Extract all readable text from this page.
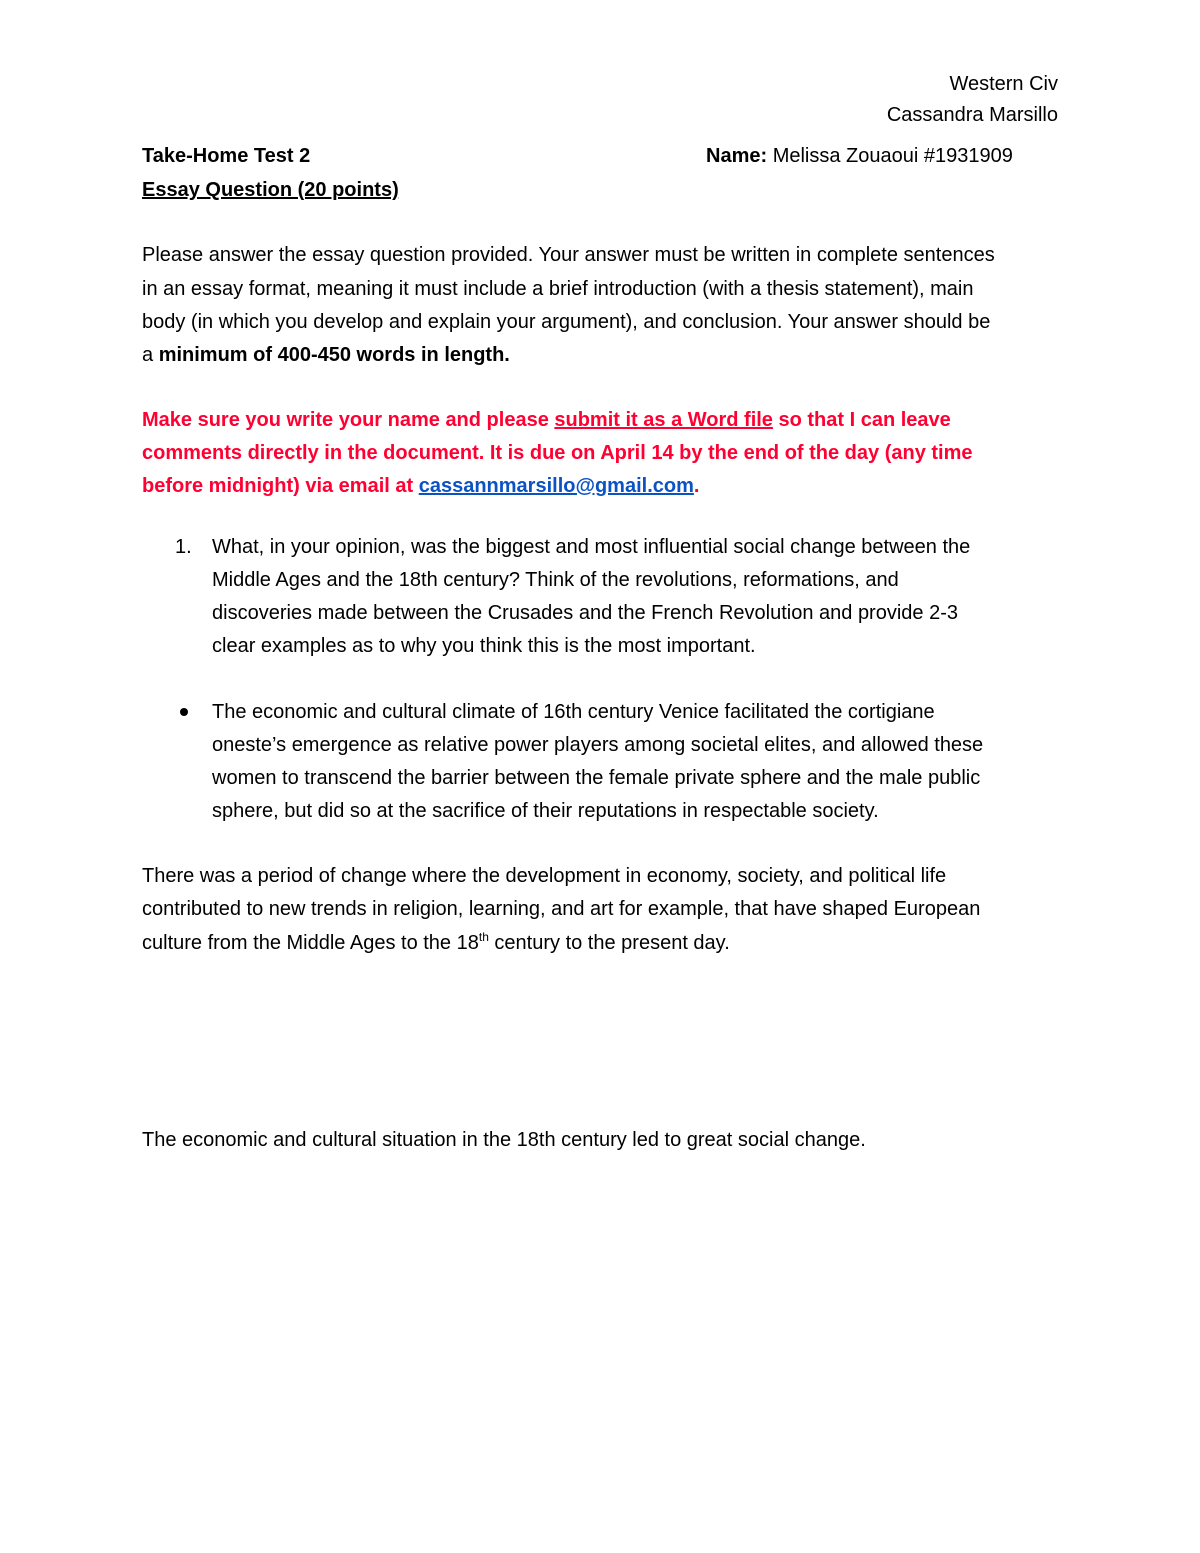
Western Civ
Cassandra Marsillo
Take-Home Test 2	Name: Melissa Zouaoui #1931909
Essay Question (20 points)
Please answer the essay question provided. Your answer must be written in complete sentences
in an essay format, meaning it must include a brief introduction (with a thesis statement), main
body (in which you develop and explain your argument), and conclusion. Your answer should be
a minimum of 400-450 words in length.
Make sure you write your name and please submit it as a Word file so that I can leave
comments directly in the document. It is due on April 14 by the end of the day (any time
before midnight) via email at cassannmarsillo@gmail.com.
1. What, in your opinion, was the biggest and most influential social change between the
Middle Ages and the 18th century? Think of the revolutions, reformations, and
discoveries made between the Crusades and the French Revolution and provide 2-3
clear examples as to why you think this is the most important.
The economic and cultural climate of 16th century Venice facilitated the cortigiane
oneste’s emergence as relative power players among societal elites, and allowed these
women to transcend the barrier between the female private sphere and the male public
sphere, but did so at the sacrifice of their reputations in respectable society.
There was a period of change where the development in economy, society, and political life
contributed to new trends in religion, learning, and art for example, that have shaped European
culture from the Middle Ages to the 18th century to the present day.
The economic and cultural situation in the 18th century led to great social change.
